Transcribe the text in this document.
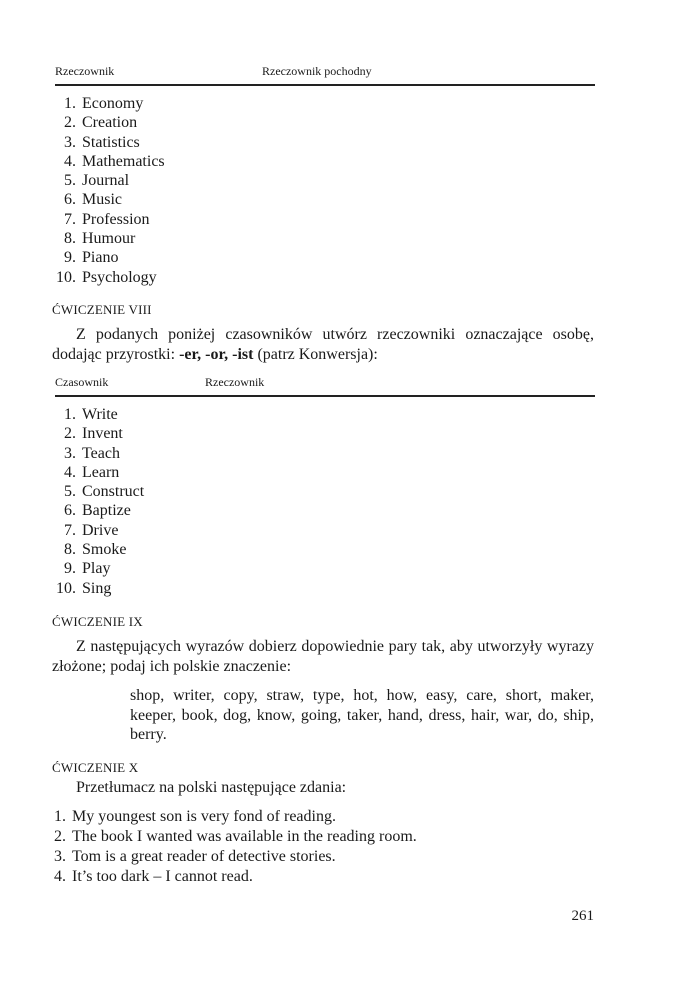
Rzeczownik	Rzeczownik pochodny
1. Economy
2. Creation
3. Statistics
4. Mathematics
5. Journal
6. Music
7. Profession
8. Humour
9. Piano
10. Psychology
ĆWICZENIE VIII

Z podanych poniżej czasowników utwórz rzeczowniki oznaczające osobę, dodając przyrostki: -er, -or, -ist (patrz Konwersja):

Czasownik	Rzeczownik
1. Write
2. Invent
3. Teach
4. Learn
5. Construct
6. Baptize
7. Drive
8. Smoke
9. Play
10. Sing
ĆWICZENIE IX

Z następujących wyrazów dobierz dopowiednie pary tak, aby utworzyły wyrazy złożone; podaj ich polskie znaczenie:

shop, writer, copy, straw, type, hot, how, easy, care, short, maker, keeper, book, dog, know, going, taker, hand, dress, hair, war, do, ship, berry.

ĆWICZENIE X

Przetłumacz na polski następujące zdania:

1. My youngest son is very fond of reading.
2. The book I wanted was available in the reading room.
3. Tom is a great reader of detective stories.
4. It’s too dark – I cannot read.
261
